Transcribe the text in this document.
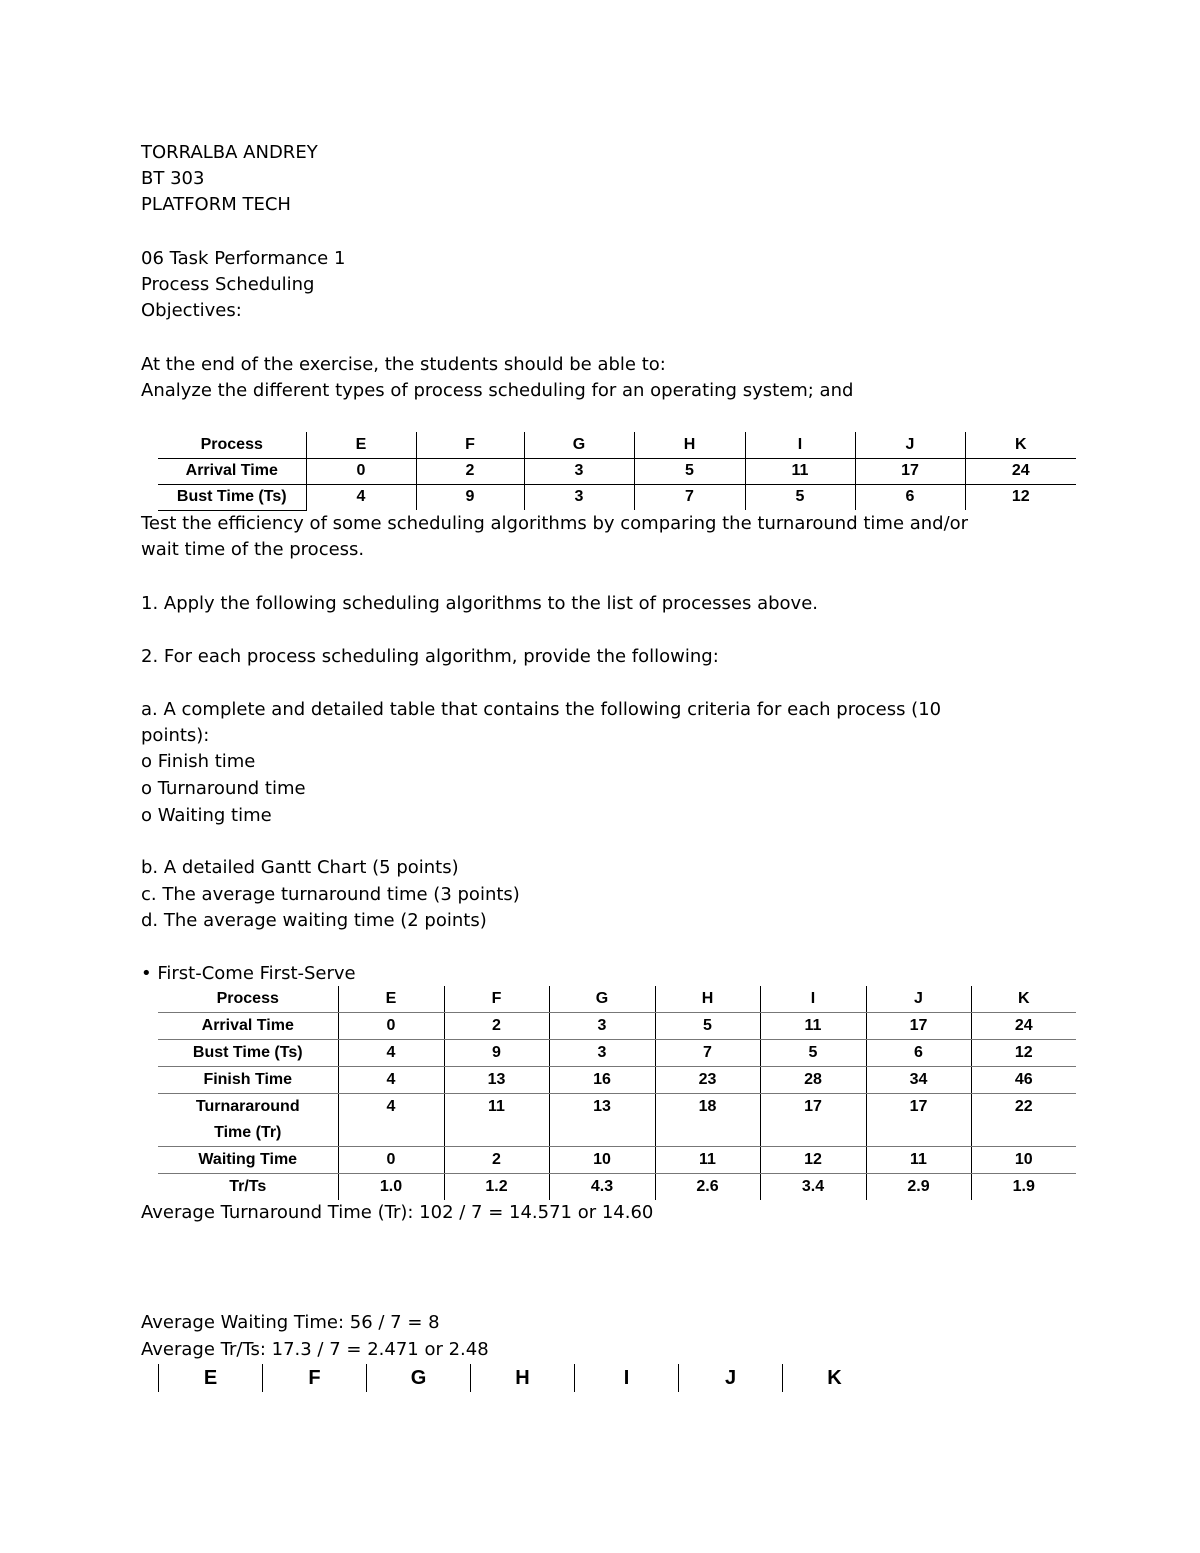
TORRALBA ANDREY
BT 303
PLATFORM TECH
06 Task Performance 1
Process Scheduling
Objectives:
At the end of the exercise, the students should be able to:
Analyze the different types of process scheduling for an operating system; and
Process	E	F	G	H	I	J	K
Arrival Time	0	2	3	5	11	17	24
Bust Time (Ts)	4	9	3	7	5	6	12
Test the efficiency of some scheduling algorithms by comparing the turnaround time and/or
wait time of the process.
1. Apply the following scheduling algorithms to the list of processes above.
2. For each process scheduling algorithm, provide the following:
a. A complete and detailed table that contains the following criteria for each process (10
points):
o Finish time
o Turnaround time
o Waiting time
b. A detailed Gantt Chart (5 points)
c. The average turnaround time (3 points)
d. The average waiting time (2 points)
• First-Come First-Serve
Process	E	F	G	H	I	J	K
Arrival Time	0	2	3	5	11	17	24
Bust Time (Ts)	4	9	3	7	5	6	12
Finish Time	4	13	16	23	28	34	46
Turnararound Time (Tr)	4	11	13	18	17	17	22
Waiting Time	0	2	10	11	12	11	10
Tr/Ts	1.0	1.2	4.3	2.6	3.4	2.9	1.9
Average Turnaround Time (Tr): 102 / 7 = 14.571 or 14.60
Average Waiting Time: 56 / 7 = 8
Average Tr/Ts: 17.3 / 7 = 2.471 or 2.48
E	F	G	H	I	J	K
